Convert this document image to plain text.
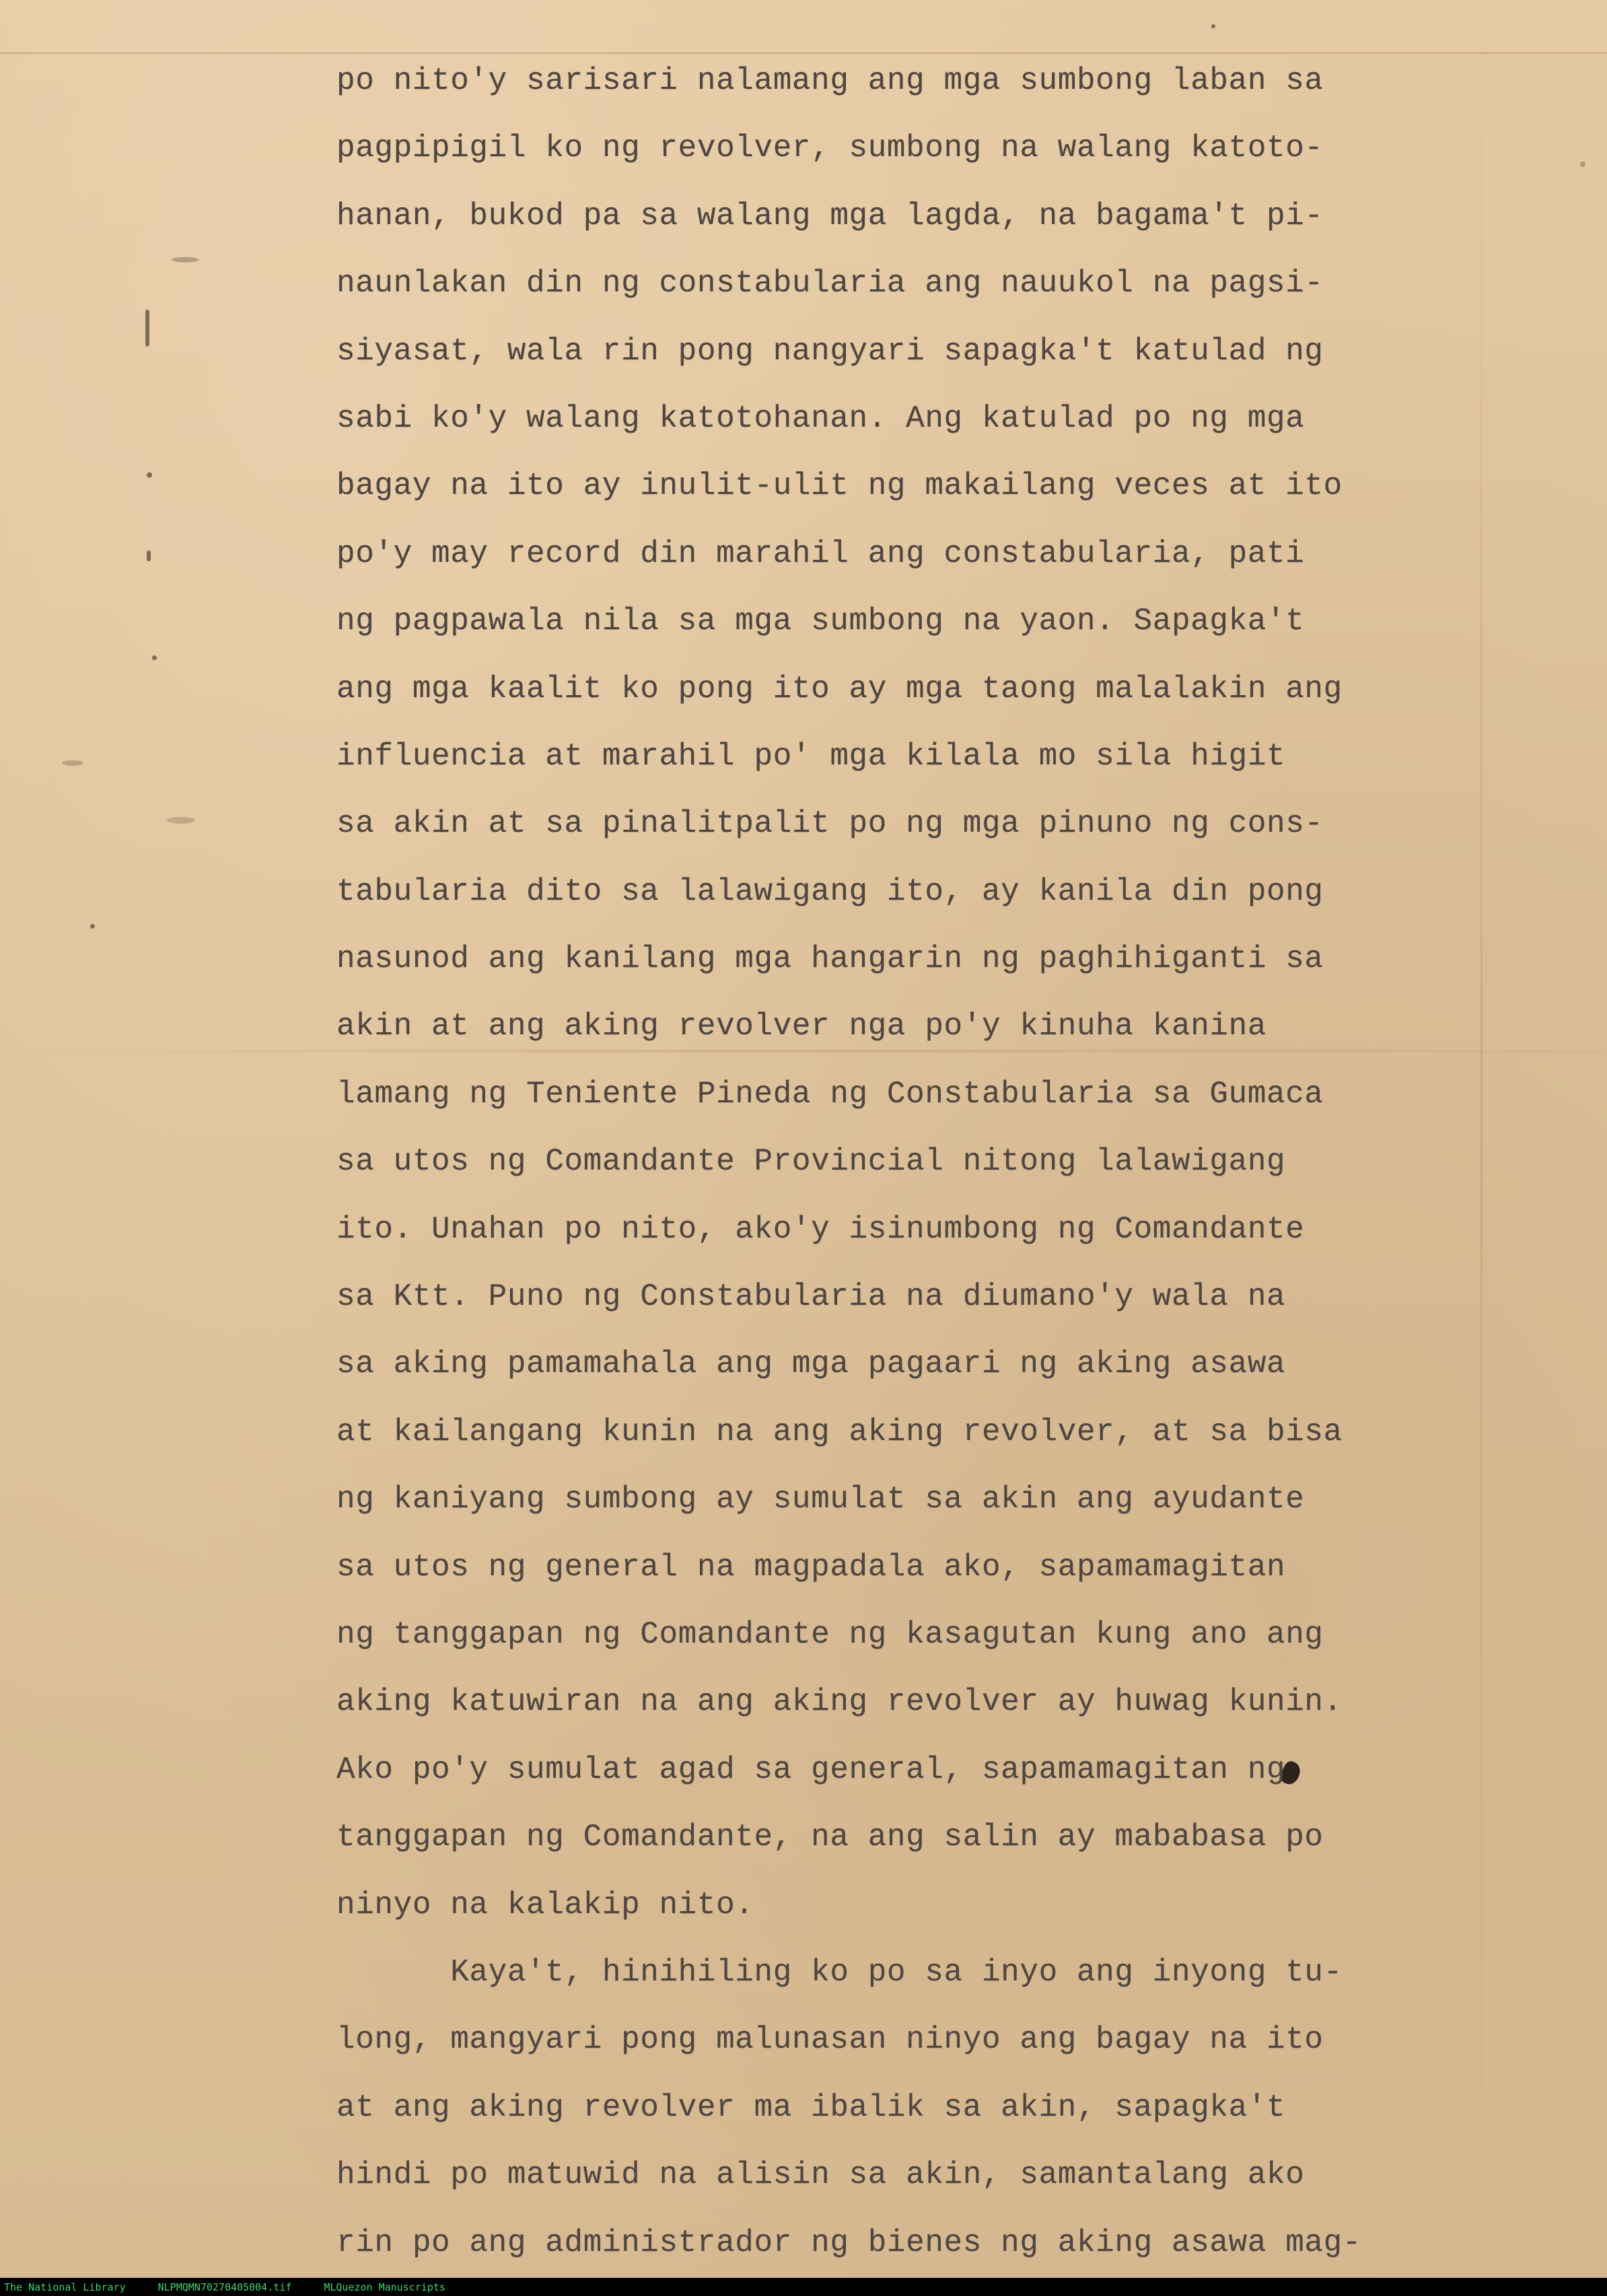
po nito'y sarisari nalamang ang mga sumbong laban sa
pagpipigil ko ng revolver, sumbong na walang katoto-
hanan, bukod pa sa walang mga lagda, na bagama't pi-
naunlakan din ng constabularia ang nauukol na pagsi-
siyasat, wala rin pong nangyari sapagka't katulad ng
sabi ko'y walang katotohanan. Ang katulad po ng mga
bagay na ito ay inulit-ulit ng makailang veces at ito
po'y may record din marahil ang constabularia, pati
ng pagpawala nila sa mga sumbong na yaon. Sapagka't
ang mga kaalit ko pong ito ay mga taong malalakin ang
influencia at marahil po' mga kilala mo sila higit
sa akin at sa pinalitpalit po ng mga pinuno ng cons-
tabularia dito sa lalawigang ito, ay kanila din pong
nasunod ang kanilang mga hangarin ng paghihiganti sa
akin at ang aking revolver nga po'y kinuha kanina
lamang ng Teniente Pineda ng Constabularia sa Gumaca
sa utos ng Comandante Provincial nitong lalawigang
ito. Unahan po nito, ako'y isinumbong ng Comandante
sa Ktt. Puno ng Constabularia na diumano'y wala na
sa aking pamamahala ang mga pagaari ng aking asawa
at kailangang kunin na ang aking revolver, at sa bisa
ng kaniyang sumbong ay sumulat sa akin ang ayudante
sa utos ng general na magpadala ako, sapamamagitan
ng tanggapan ng Comandante ng kasagutan kung ano ang
aking katuwiran na ang aking revolver ay huwag kunin.
Ako po'y sumulat agad sa general, sapamamagitan ng
tanggapan ng Comandante, na ang salin ay mababasa po
ninyo na kalakip nito.
Kaya't, hinihiling ko po sa inyo ang inyong tu-
long, mangyari pong malunasan ninyo ang bagay na ito
at ang aking revolver ma ibalik sa akin, sapagka't
hindi po matuwid na alisin sa akin, samantalang ako
rin po ang administrador ng bienes ng aking asawa mag-
The National Library	NLPMQMN70270405004.tif	MLQuezon Manuscripts
